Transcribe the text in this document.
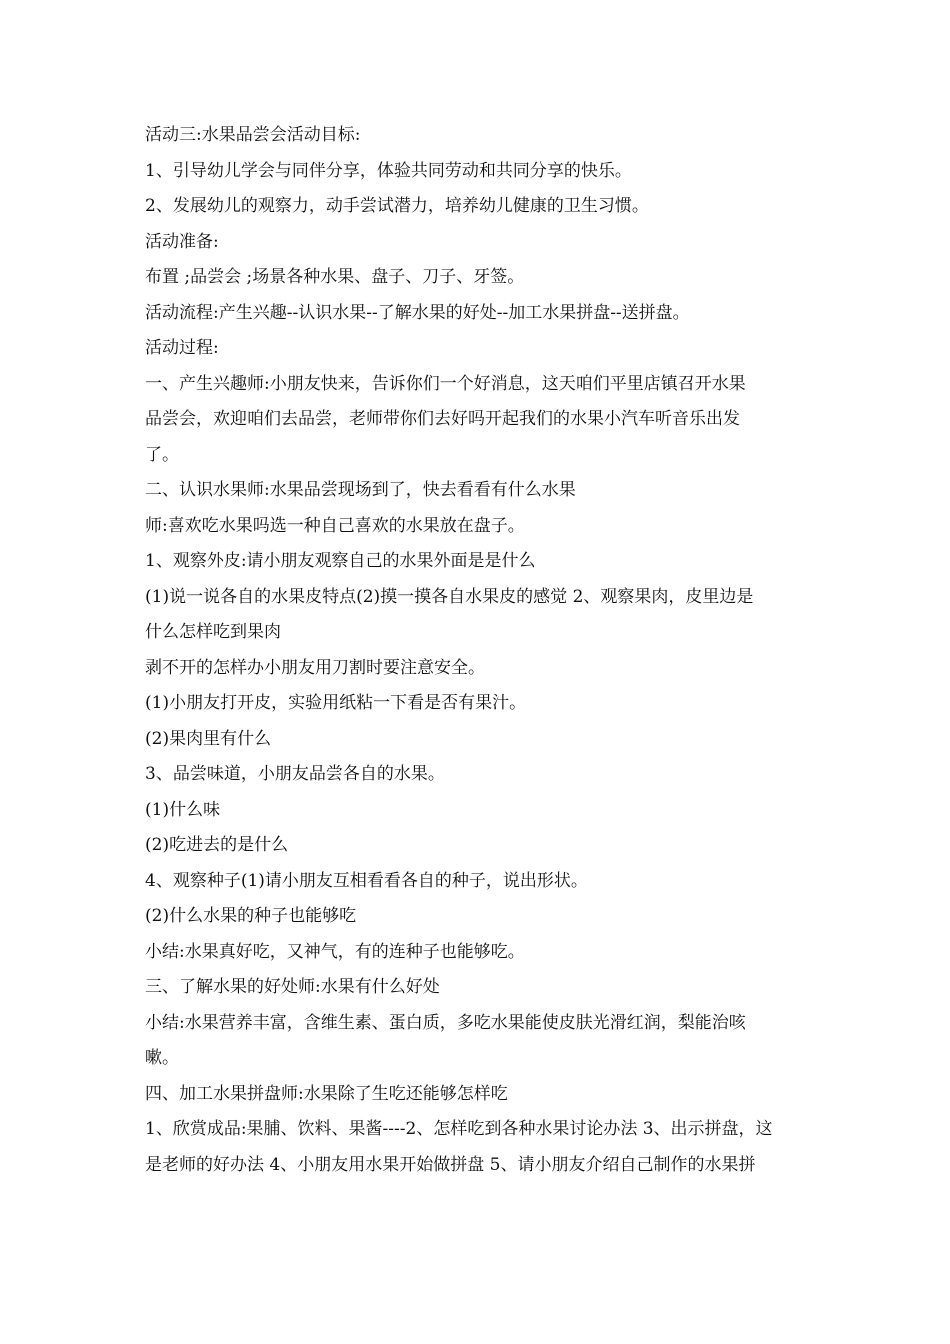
活动三:水果品尝会活动目标:

1、引导幼儿学会与同伴分享，体验共同劳动和共同分享的快乐。

2、发展幼儿的观察力，动手尝试潜力，培养幼儿健康的卫生习惯。

活动准备:

布置 ;品尝会 ;场景各种水果、盘子、刀子、牙签。

活动流程:产生兴趣--认识水果--了解水果的好处--加工水果拼盘--送拼盘。

活动过程:

一、产生兴趣师:小朋友快来，告诉你们一个好消息，这天咱们平里店镇召开水果

品尝会，欢迎咱们去品尝，老师带你们去好吗开起我们的水果小汽车听音乐出发

了。

二、认识水果师:水果品尝现场到了，快去看看有什么水果

师:喜欢吃水果吗选一种自己喜欢的水果放在盘子。

1、观察外皮:请小朋友观察自己的水果外面是是什么

(1)说一说各自的水果皮特点(2)摸一摸各自水果皮的感觉 2、观察果肉，皮里边是

什么怎样吃到果肉

剥不开的怎样办小朋友用刀割时要注意安全。

(1)小朋友打开皮，实验用纸粘一下看是否有果汁。

(2)果肉里有什么

3、品尝味道，小朋友品尝各自的水果。

(1)什么味

(2)吃进去的是什么

4、观察种子(1)请小朋友互相看看各自的种子，说出形状。

(2)什么水果的种子也能够吃

小结:水果真好吃，又神气，有的连种子也能够吃。

三、了解水果的好处师:水果有什么好处

小结:水果营养丰富，含维生素、蛋白质，多吃水果能使皮肤光滑红润，梨能治咳

嗽。

四、加工水果拼盘师:水果除了生吃还能够怎样吃

1、欣赏成品:果脯、饮料、果酱----2、怎样吃到各种水果讨论办法 3、出示拼盘，这

是老师的好办法 4、小朋友用水果开始做拼盘 5、请小朋友介绍自己制作的水果拼
